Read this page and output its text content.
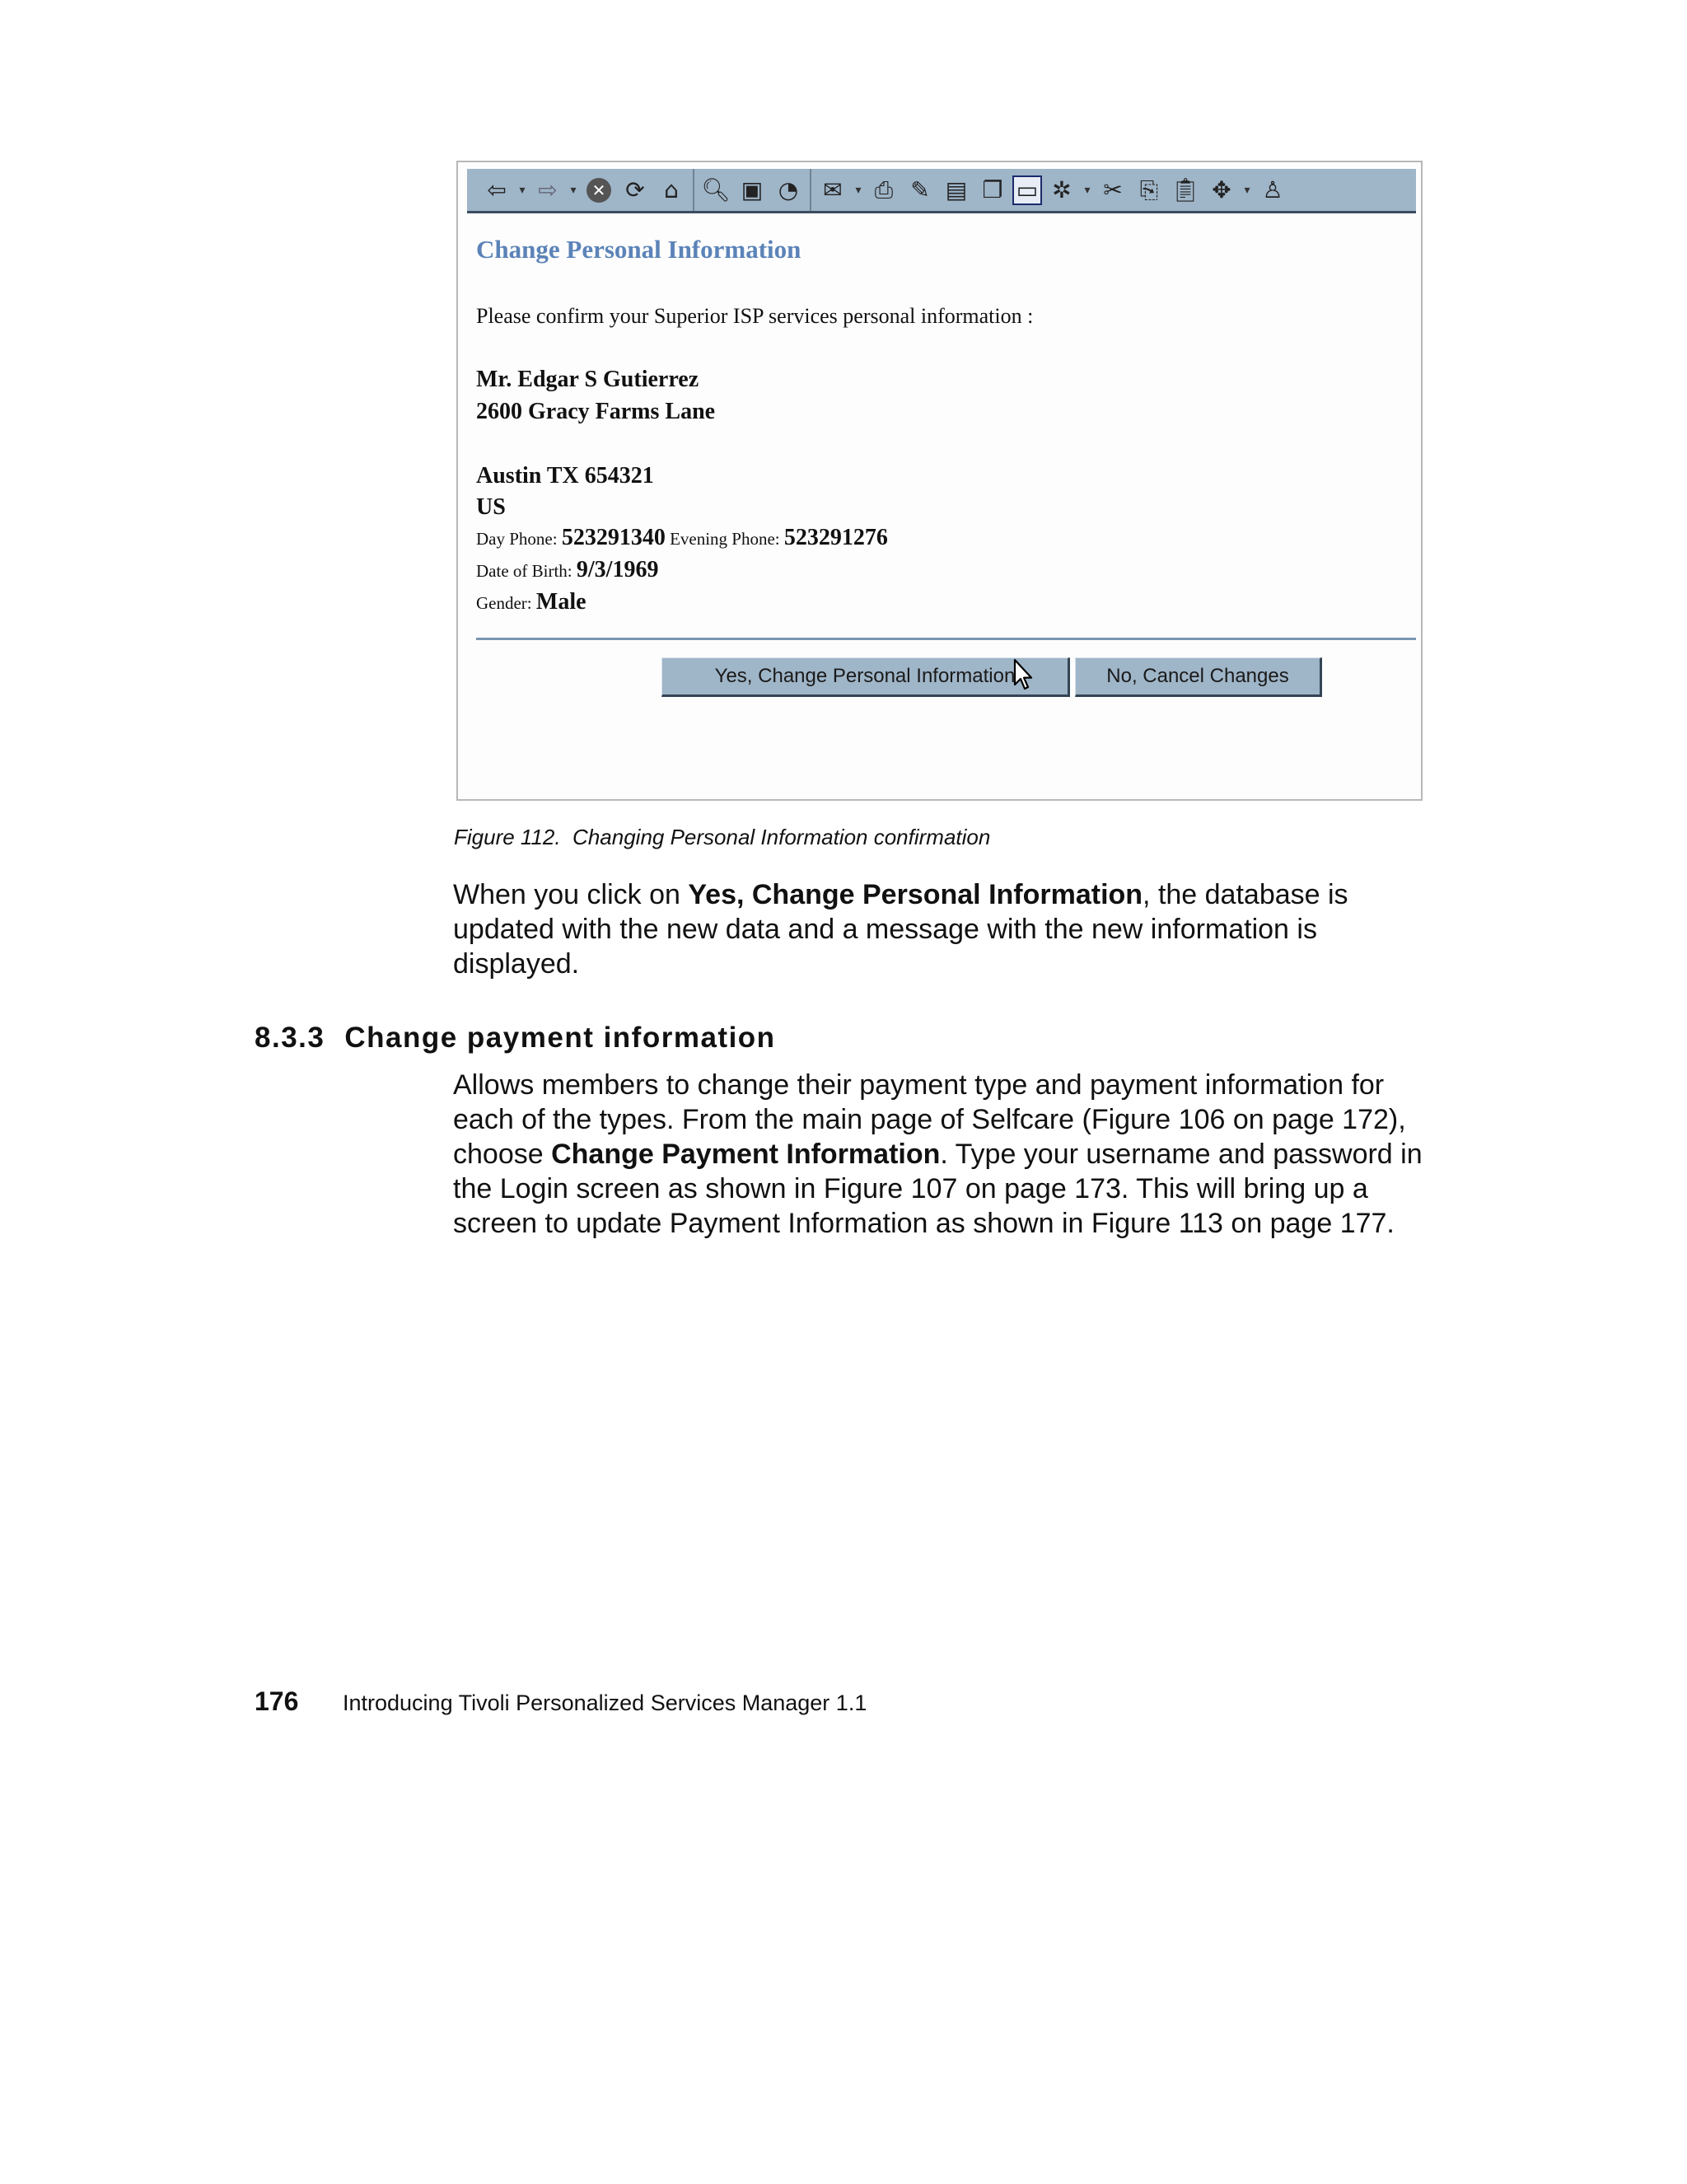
⇦	▾ ⇨	▾ ✕ ⟳ ⌂ 🔍︎ ▣ ◔ ✉	▾ ⎙ ✎ ▤ ❐ ▭ ✲	▾ ✂ ⎘ 📋︎ ✥	▾ ♙
Change Personal Information
Please confirm your Superior ISP services personal information :
Mr. Edgar S Gutierrez
2600 Gracy Farms Lane
Austin TX 654321
US
Day Phone: 523291340 Evening Phone: 523291276
Date of Birth: 9/3/1969
Gender: Male
Yes, Change Personal Information	No, Cancel Changes
Figure 112. Changing Personal Information confirmation

When you click on Yes, Change Personal Information, the database is
updated with the new data and a message with the new information is
displayed.

8.3.3 Change payment information

Allows members to change their payment type and payment information for
each of the types. From the main page of Selfcare (Figure 106 on page 172),
choose Change Payment Information. Type your username and password in
the Login screen as shown in Figure 107 on page 173. This will bring up a
screen to update Payment Information as shown in Figure 113 on page 177.

176 Introducing Tivoli Personalized Services Manager 1.1
